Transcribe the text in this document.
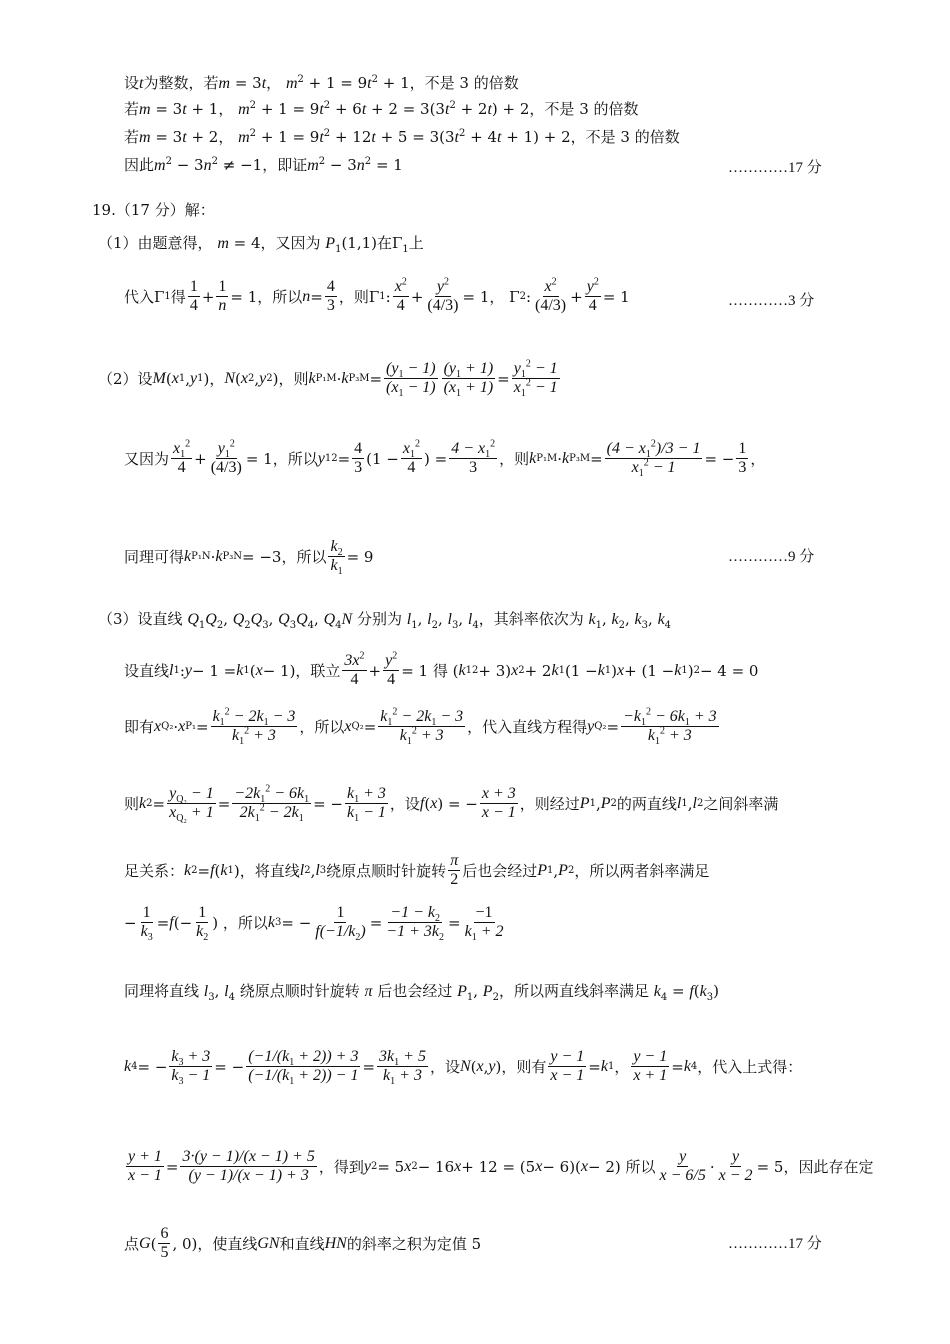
设t为整数，若m = 3t， $m^2 + 1 = 9t^2 + 1$，不是 3 的倍数
若m = 3t + 1， $m^2 + 1 = 9t^2 + 6t + 2 = 3(3t^2 + 2t) + 2$，不是 3 的倍数
若m = 3t + 2， $m^2 + 1 = 9t^2 + 12t + 5 = 3(3t^2 + 4t + 1) + 2$，不是 3 的倍数
因此$m^2 - 3n^2 \ne -1$，即证$m^2 - 3n^2 = 1$	…………17 分
19.（17 分）解：
（1）由题意得， m = 4，又因为 $P_1(1,1)$在$\Gamma_1$上
代入Γ 1 得 $\frac{1}{4} + \frac{1}{n} = 1$，所以 $n = \frac{4}{3}$ ，则Γ 1 : $\frac{x^2}{4} + \frac{y^2}{(4/3)} = 1$， Γ 2 : $\frac{x^2}{(4/3)} + \frac{y^2}{4} = 1$	…………3 分
（2）设 M ( x 1 , y 1 )， N ( x 2 , y 2 )，则 k P₁M · k $P_3M = \frac{(y_1 - 1)}{(x_1 - 1)} \frac{(y_1 + 1)}{(x_1 + 1)} = \frac{y_1^2 - 1}{x_1^2 - 1}$
又因为 $\frac{x_1^2}{4} + \frac{y_1^2}{(4/3)} = 1$，所以 y 1 $2 = \frac{4}{3} (1 - \frac{x_1^2}{4}$ ) = $\frac{4 - x_1^2}{3}$ ，则 k P₁M · k $P_3M = \frac{(4 - x_1^2)/3 - 1}{x_1^2 - 1}$ = − $\frac{1}{3}$ ，
同理可得 k P₁N · k P₃N = −3，所以 $\frac{k_2}{k_1} = 9$	…………9 分
（3）设直线 $Q_1Q_2$, $Q_2Q_3$, $Q_3Q_4$, $Q_4N$ 分别为 $l_1$, $l_2$, $l_3$, $l_4$，其斜率依次为 $k_1$, $k_2$, $k_3$, $k_4$
设直线 l 1 : y − 1 = k 1 ( x − 1)，联立 $\frac{3x^2}{4} + \frac{y^2}{4} = 1$ 得 ( k 1 2 + 3) x 2 + 2 k 1 (1 − k 1 ) x + (1 − k 1 ) 2 − 4 = 0
即有 x Q₂ · x $P_1 = \frac{k_1^2 - 2k_1 - 3}{k_1^2 + 3}$ ，所以 x $Q_2 = \frac{k_1^2 - 2k_1 - 3}{k_1^2 + 3}$ ，代入直线方程得 y $Q_2 = \frac{-k_1^2 - 6k_1 + 3}{k_1^2 + 3}$
则 k $2 = \frac{y_{Q_2} - 1}{x_{Q_2} + 1} = \frac{-2k_1^2 - 6k_1}{2k_1^2 - 2k_1}$ = − $\frac{k_1 + 3}{k_1 - 1}$ ，设 f ( x ) = − $\frac{x + 3}{x - 1}$ ，则经过 P 1 , P 2 的两直线 l 1 , l 2 之间斜率满
足关系： k 2 = f ( k 1 )，将直线 l 2 , l 3 绕原点顺时针旋转 $\frac{\pi}{2}$ 后也会经过 P 1 , P 2 ，所以两者斜率满足
− $\frac{1}{k_3} = f$ (− $\frac{1}{k_2}$ ) ，所以 k 3 = − $\frac{1}{f(-1/k_2)} = \frac{-1 - k_2}{-1 + 3k_2} = \frac{-1}{k_1 + 2}$
同理将直线 $l_3$, $l_4$ 绕原点顺时针旋转 π 后也会经过 $P_1$, $P_2$，所以两直线斜率满足 $k_4 = f(k_3)$
k 4 = − $\frac{k_3 + 3}{k_3 - 1}$ = − $\frac{(-1/(k_1 + 2)) + 3}{(-1/(k_1 + 2)) - 1} = \frac{3k_1 + 5}{k_1 + 3}$ ，设 N ( x , y )，则有 $\frac{y - 1}{x - 1} = k$ 1 ， $\frac{y - 1}{x + 1} = k$ 4 ，代入上式得：
$\frac{y + 1}{x - 1} = \frac{3\cdot(y - 1)/(x - 1) + 5}{(y - 1)/(x - 1) + 3}$ ，得到 y 2 = 5 x 2 − 16 x + 12 = (5 x − 6)( x − 2) 所以 $\frac{y}{x - 6/5} \cdot \frac{y}{x - 2} = 5$，因此存在定
点 G ( $\frac{6}{5}$ , 0)，使直线 GN 和直线 HN 的斜率之积为定值 5	…………17 分
